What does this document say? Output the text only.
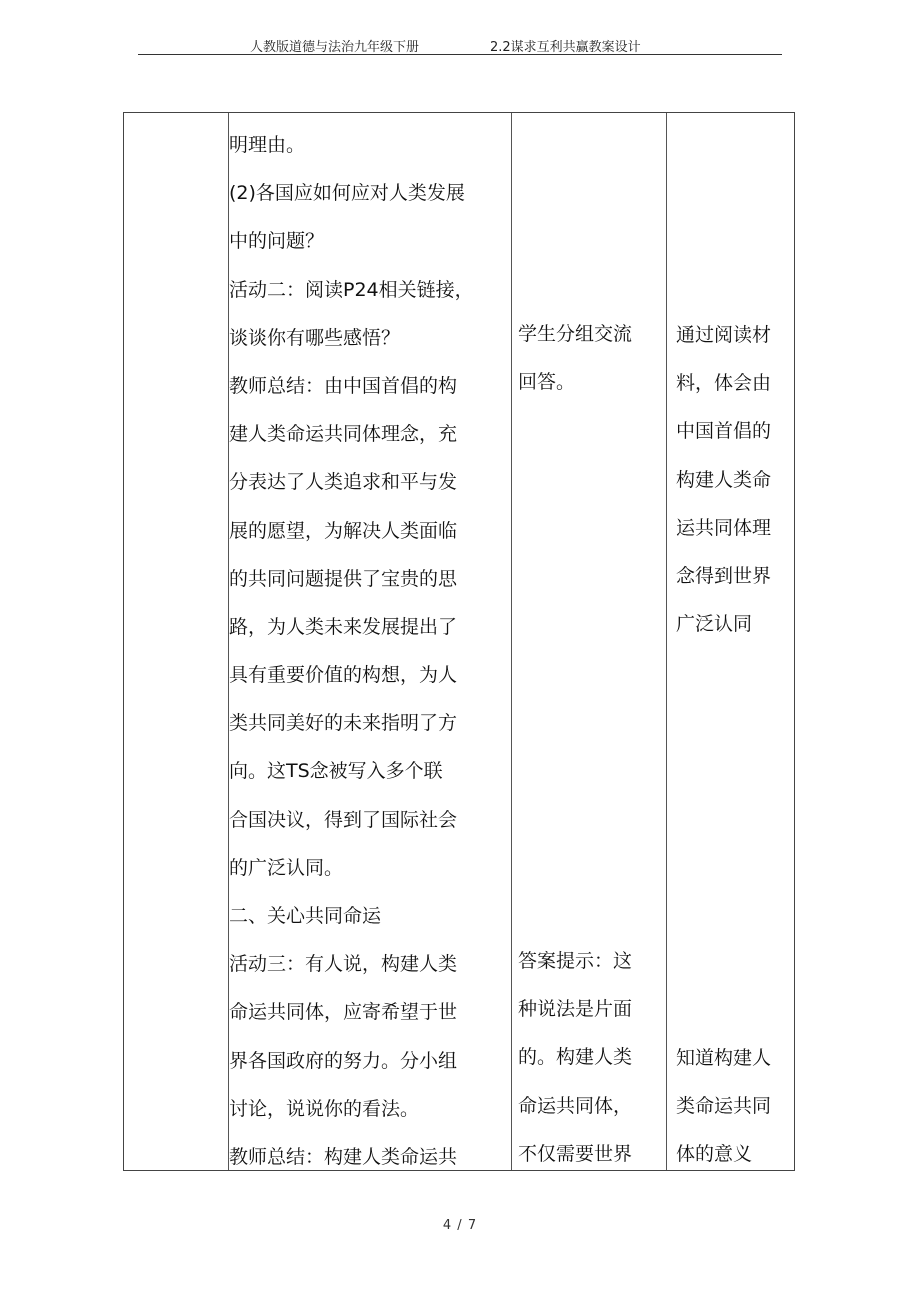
人教版道德与法治九年级下册	2.2谋求互利共赢教案设计
明理由。
(2)各国应如何应对人类发展
中的问题？
活动二：阅读P24相关链接，
谈谈你有哪些感悟？
教师总结：由中国首倡的构
建人类命运共同体理念，充
分表达了人类追求和平与发
展的愿望，为解决人类面临
的共同问题提供了宝贵的思
路，为人类未来发展提出了
具有重要价值的构想，为人
类共同美好的未来指明了方
向。这TS念被写入多个联
合国决议，得到了国际社会
的广泛认同。
二、关心共同命运
活动三：有人说，构建人类
命运共同体，应寄希望于世
界各国政府的努力。分小组
讨论，说说你的看法。
教师总结：构建人类命运共
学生分组交流
回答。
答案提示：这
种说法是片面
的。构建人类
命运共同体，
不仅需要世界
通过阅读材
料，体会由
中国首倡的
构建人类命
运共同体理
念得到世界
广泛认同
知道构建人
类命运共同
体的意义
4 / 7
